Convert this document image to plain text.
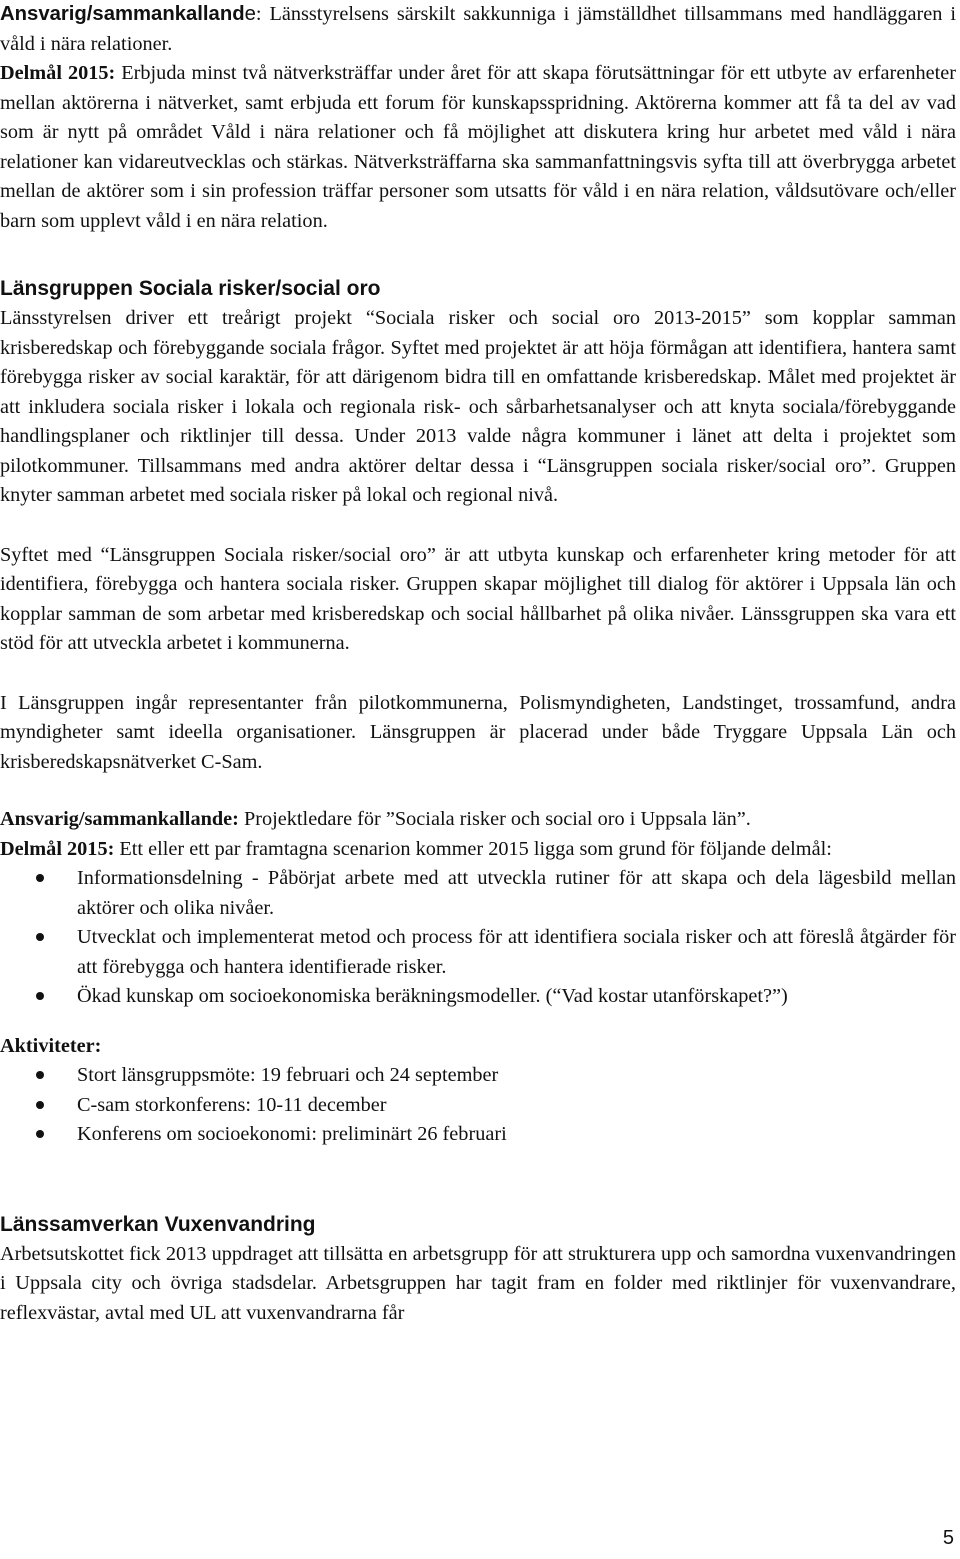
Ansvarig/sammankallande: Länsstyrelsens särskilt sakkunniga i jämställdhet tillsammans med handläggaren i våld i nära relationer.

Delmål 2015: Erbjuda minst två nätverksträffar under året för att skapa förutsättningar för ett utbyte av erfarenheter mellan aktörerna i nätverket, samt erbjuda ett forum för kunskapsspridning. Aktörerna kommer att få ta del av vad som är nytt på området Våld i nära relationer och få möjlighet att diskutera kring hur arbetet med våld i nära relationer kan vidareutvecklas och stärkas. Nätverksträffarna ska sammanfattningsvis syfta till att överbrygga arbetet mellan de aktörer som i sin profession träffar personer som utsatts för våld i en nära relation, våldsutövare och/eller barn som upplevt våld i en nära relation.

Länsgruppen Sociala risker/social oro

Länsstyrelsen driver ett treårigt projekt “Sociala risker och social oro 2013-2015” som kopplar samman krisberedskap och förebyggande sociala frågor. Syftet med projektet är att höja förmågan att identifiera, hantera samt förebygga risker av social karaktär, för att därigenom bidra till en omfattande krisberedskap. Målet med projektet är att inkludera sociala risker i lokala och regionala risk- och sårbarhetsanalyser och att knyta sociala/förebyggande handlingsplaner och riktlinjer till dessa. Under 2013 valde några kommuner i länet att delta i projektet som pilotkommuner. Tillsammans med andra aktörer deltar dessa i “Länsgruppen sociala risker/social oro”. Gruppen knyter samman arbetet med sociala risker på lokal och regional nivå.

Syftet med “Länsgruppen Sociala risker/social oro” är att utbyta kunskap och erfarenheter kring metoder för att identifiera, förebygga och hantera sociala risker. Gruppen skapar möjlighet till dialog för aktörer i Uppsala län och kopplar samman de som arbetar med krisberedskap och social hållbarhet på olika nivåer. Länssgruppen ska vara ett stöd för att utveckla arbetet i kommunerna.

I Länsgruppen ingår representanter från pilotkommunerna, Polismyndigheten, Landstinget, trossamfund, andra myndigheter samt ideella organisationer. Länsgruppen är placerad under både Tryggare Uppsala Län och krisberedskapsnätverket C-Sam.

Ansvarig/sammankallande: Projektledare för ”Sociala risker och social oro i Uppsala län”.

Delmål 2015: Ett eller ett par framtagna scenarion kommer 2015 ligga som grund för följande delmål:

Informationsdelning - Påbörjat arbete med att utveckla rutiner för att skapa och dela lägesbild mellan aktörer och olika nivåer.
Utvecklat och implementerat metod och process för att identifiera sociala risker och att föreslå åtgärder för att förebygga och hantera identifierade risker.
Ökad kunskap om socioekonomiska beräkningsmodeller. (“Vad kostar utanförskapet?”)

Aktiviteter:

Stort länsgruppsmöte: 19 februari och 24 september
C-sam storkonferens: 10-11 december
Konferens om socioekonomi: preliminärt 26 februari
Länssamverkan Vuxenvandring

Arbetsutskottet fick 2013 uppdraget att tillsätta en arbetsgrupp för att strukturera upp och samordna vuxenvandringen i Uppsala city och övriga stadsdelar. Arbetsgruppen har tagit fram en folder med riktlinjer för vuxenvandrare, reflexvästar, avtal med UL att vuxenvandrarna får

5
